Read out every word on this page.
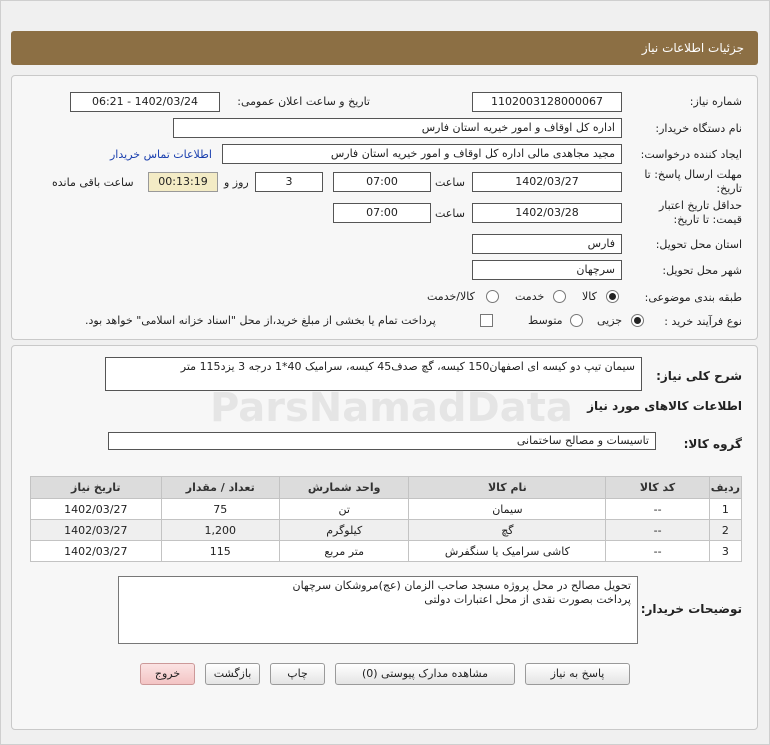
جزئیات اطلاعات نیاز
شماره نیاز:
1102003128000067
تاریخ و ساعت اعلان عمومی:
1402/03/24 - 06:21
نام دستگاه خریدار:
اداره کل اوقاف و امور خیریه استان فارس
ایجاد کننده درخواست:
مجید مجاهدی مالی اداره کل اوقاف و امور خیریه استان فارس
اطلاعات تماس خریدار
مهلت ارسال پاسخ: تا
تاریخ:
1402/03/27
ساعت
07:00
3
روز و
00:13:19
ساعت باقی مانده
حداقل تاریخ اعتبار
قیمت: تا تاریخ:
1402/03/28
ساعت
07:00
استان محل تحویل:
فارس
شهر محل تحویل:
سرچهان
طبقه بندی موضوعی:
کالا
خدمت
کالا/خدمت
نوع فرآیند خرید :
جزیی
متوسط
پرداخت تمام یا بخشی از مبلغ خرید،از محل "اسناد خزانه اسلامی" خواهد بود.
شرح کلی نیاز:
سیمان تیپ دو کیسه ای اصفهان150 کیسه، گچ صدف45 کیسه، سرامیک 40*1 درجه 3 یزد115 متر
اطلاعات کالاهای مورد نیاز
گروه کالا:
تاسیسات و مصالح ساختمانی
ردیف	کد کالا	نام کالا	واحد شمارش	تعداد / مقدار	تاریخ نیاز
1	--	سیمان	تن	75	1402/03/27
2	--	گچ	کیلوگرم	1,200	1402/03/27
3	--	کاشی سرامیک یا سنگفرش	متر مربع	115	1402/03/27
توضیحات خریدار:
تحویل مصالح در محل پروژه مسجد صاحب الزمان (عج)مروشکان سرچهان
پرداخت بصورت نقدی از محل اعتبارات دولتی
پاسخ به نیاز
مشاهده مدارک پیوستی (0)
چاپ
بازگشت
خروج
